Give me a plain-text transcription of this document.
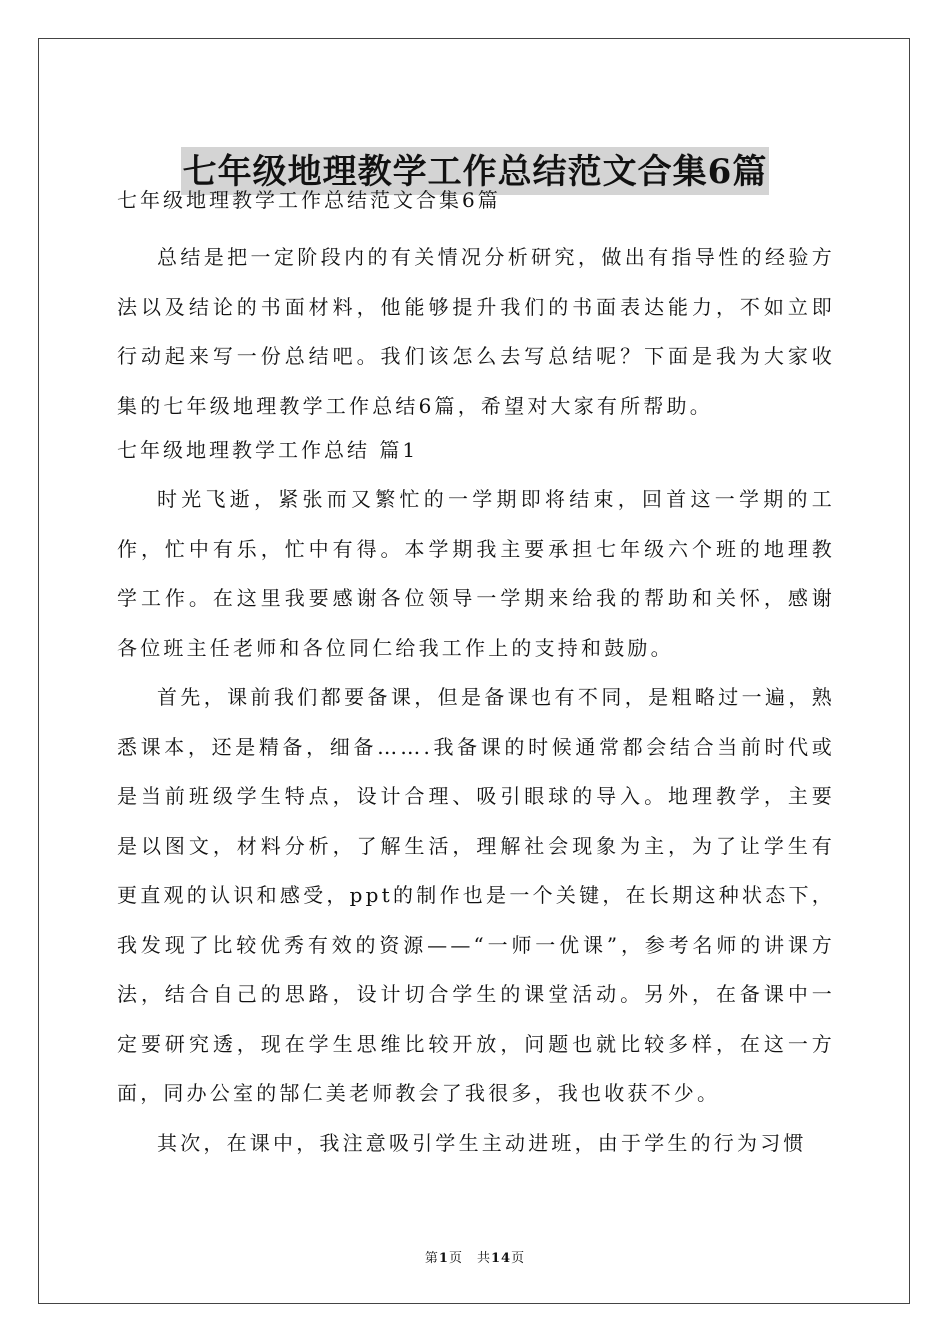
七年级地理教学工作总结范文合集6篇

七年级地理教学工作总结范文合集6篇

总结是把一定阶段内的有关情况分析研究，做出有指导性的经验方法以及结论的书面材料，他能够提升我们的书面表达能力，不如立即行动起来写一份总结吧。我们该怎么去写总结呢？下面是我为大家收集的七年级地理教学工作总结6篇，希望对大家有所帮助。

七年级地理教学工作总结 篇1

时光飞逝，紧张而又繁忙的一学期即将结束，回首这一学期的工作，忙中有乐，忙中有得。本学期我主要承担七年级六个班的地理教学工作。在这里我要感谢各位领导一学期来给我的帮助和关怀，感谢各位班主任老师和各位同仁给我工作上的支持和鼓励。

首先，课前我们都要备课，但是备课也有不同，是粗略过一遍，熟悉课本，还是精备，细备…….我备课的时候通常都会结合当前时代或是当前班级学生特点，设计合理、吸引眼球的导入。地理教学，主要是以图文，材料分析，了解生活，理解社会现象为主，为了让学生有更直观的认识和感受，ppt的制作也是一个关键，在长期这种状态下，我发现了比较优秀有效的资源——“一师一优课”，参考名师的讲课方法，结合自己的思路，设计切合学生的课堂活动。另外，在备课中一定要研究透，现在学生思维比较开放，问题也就比较多样，在这一方面，同办公室的郜仁美老师教会了我很多，我也收获不少。

其次，在课中，我注意吸引学生主动进班，由于学生的行为习惯

第1页 共14页
